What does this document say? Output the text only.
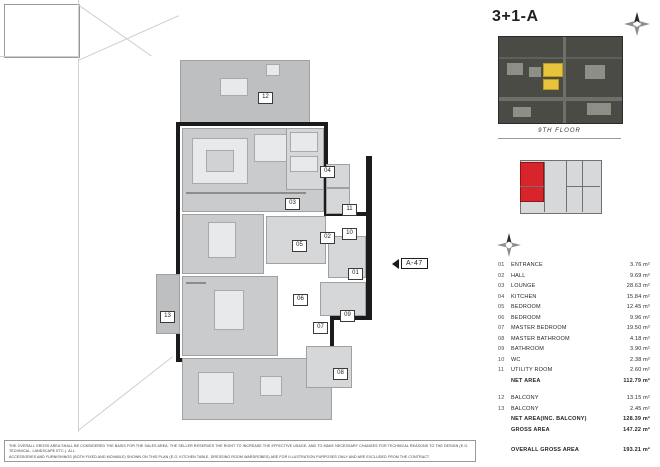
01
02
03
04
05
06
07
08
09
10
11
12
13
A-47
3+1-A
9TH FLOOR
01	ENTRANCE	3.76 m²
02	HALL	9.69 m²
03	LOUNGE	28.63 m²
04	KITCHEN	15.84 m²
05	BEDROOM	12.45 m²
06	BEDROOM	9.96 m²
07	MASTER BEDROOM	19.50 m²
08	MASTER BATHROOM	4.18 m²
09	BATHROOM	3.90 m²
10	WC	2.38 m²
11	UTILITY ROOM	2.60 m²
NET AREA	112.79 m²
12	BALCONY	13.15 m²
13	BALCONY	2.45 m²
NET AREA(INC. BALCONY)	128.39 m²
GROSS AREA	147.22 m²
OVERALL GROSS AREA	193.21 m²

THE OVERALL GROSS AREA SHALL BE CONSIDERED THE BASIS FOR THE SALES AREA. THE SELLER RESERVES THE RIGHT TO INCREASE THE EFFECTIVE USAGE, AND TO MAKE NECESSARY CHANGES FOR TECHNICAL REASONS TO THE DESIGN (E.G. TECHNICAL, LANDSCAPE ETC.). ALL

ACCESSORIES AND FURNISHINGS (BOTH FIXED AND MOVABLE) SHOWN ON THIS PLAN (E.G. KITCHEN TABLE, DRESSING ROOM WARDROBES) ARE FOR ILLUSTRATION PURPOSES ONLY AND ARE EXCLUDED FROM THE CONTRACT.
